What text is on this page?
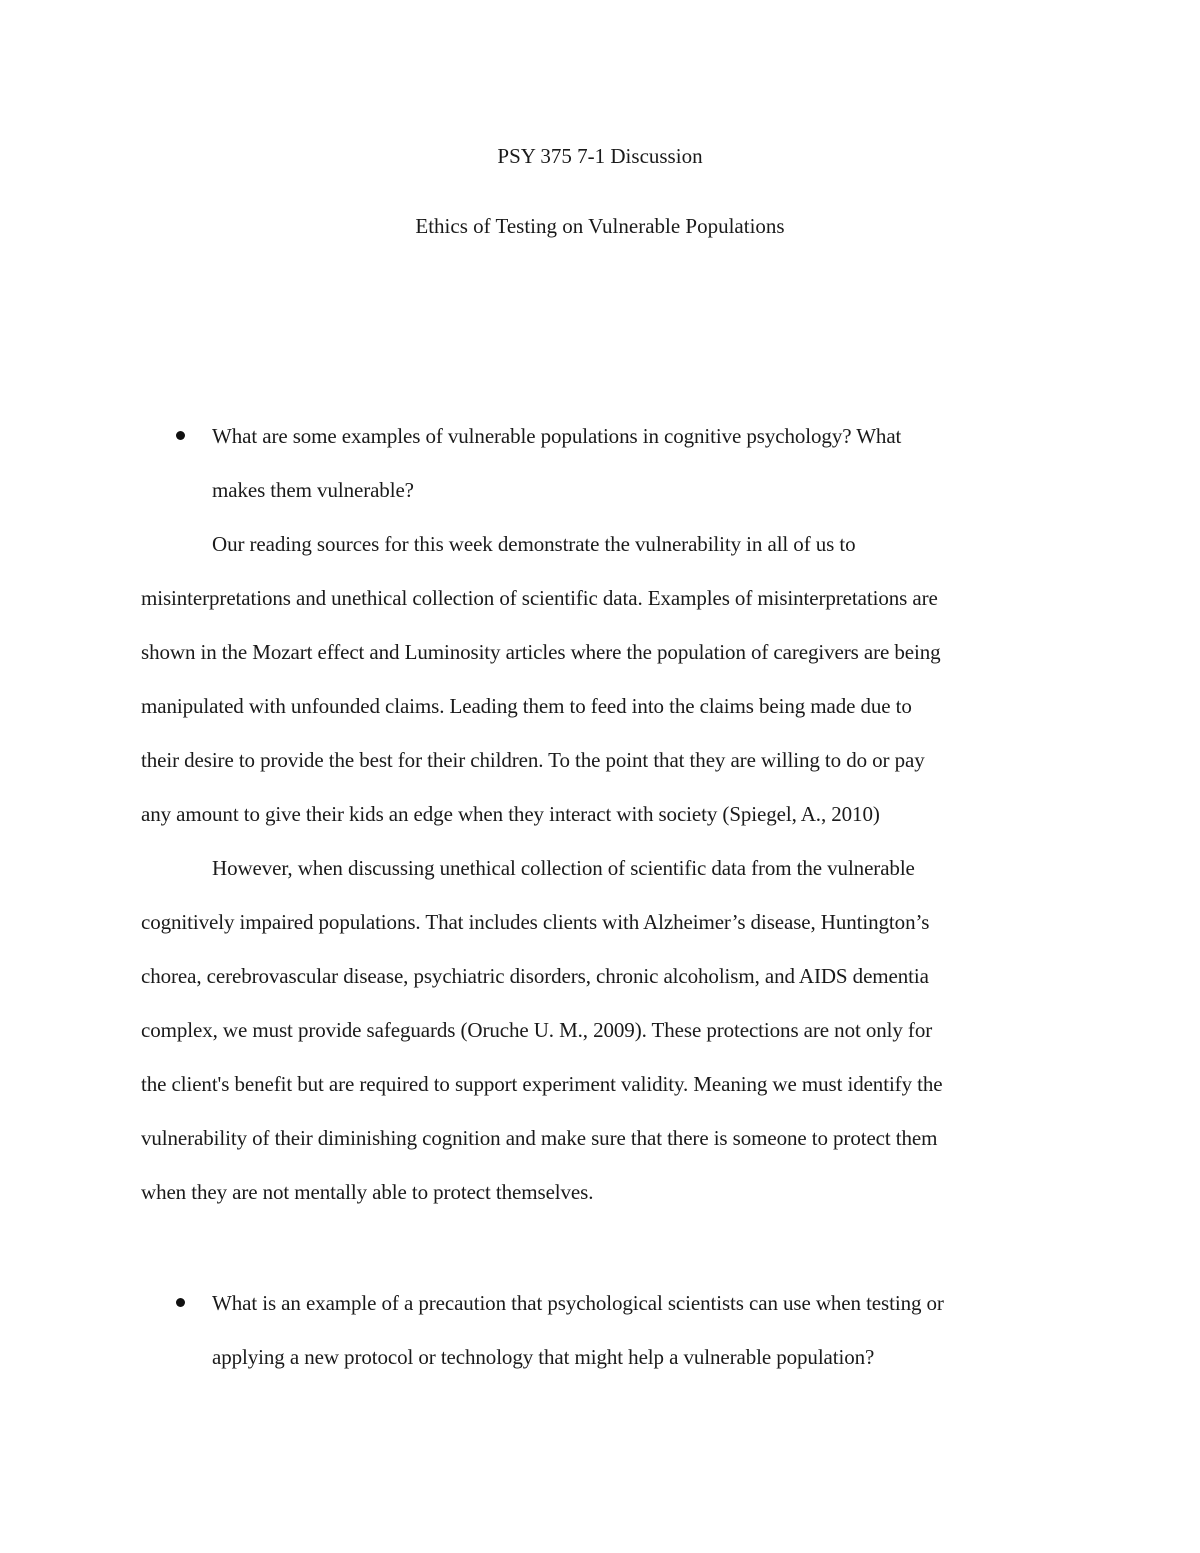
PSY 375 7-1 Discussion
Ethics of Testing on Vulnerable Populations
What are some examples of vulnerable populations in cognitive psychology? What
makes them vulnerable?
Our reading sources for this week demonstrate the vulnerability in all of us to
misinterpretations and unethical collection of scientific data. Examples of misinterpretations are
shown in the Mozart effect and Luminosity articles where the population of caregivers are being
manipulated with unfounded claims. Leading them to feed into the claims being made due to
their desire to provide the best for their children. To the point that they are willing to do or pay
any amount to give their kids an edge when they interact with society (Spiegel, A., 2010)
However, when discussing unethical collection of scientific data from the vulnerable
cognitively impaired populations. That includes clients with Alzheimer’s disease, Huntington’s
chorea, cerebrovascular disease, psychiatric disorders, chronic alcoholism, and AIDS dementia
complex, we must provide safeguards (Oruche U. M., 2009). These protections are not only for
the client's benefit but are required to support experiment validity. Meaning we must identify the
vulnerability of their diminishing cognition and make sure that there is someone to protect them
when they are not mentally able to protect themselves.
What is an example of a precaution that psychological scientists can use when testing or
applying a new protocol or technology that might help a vulnerable population?
